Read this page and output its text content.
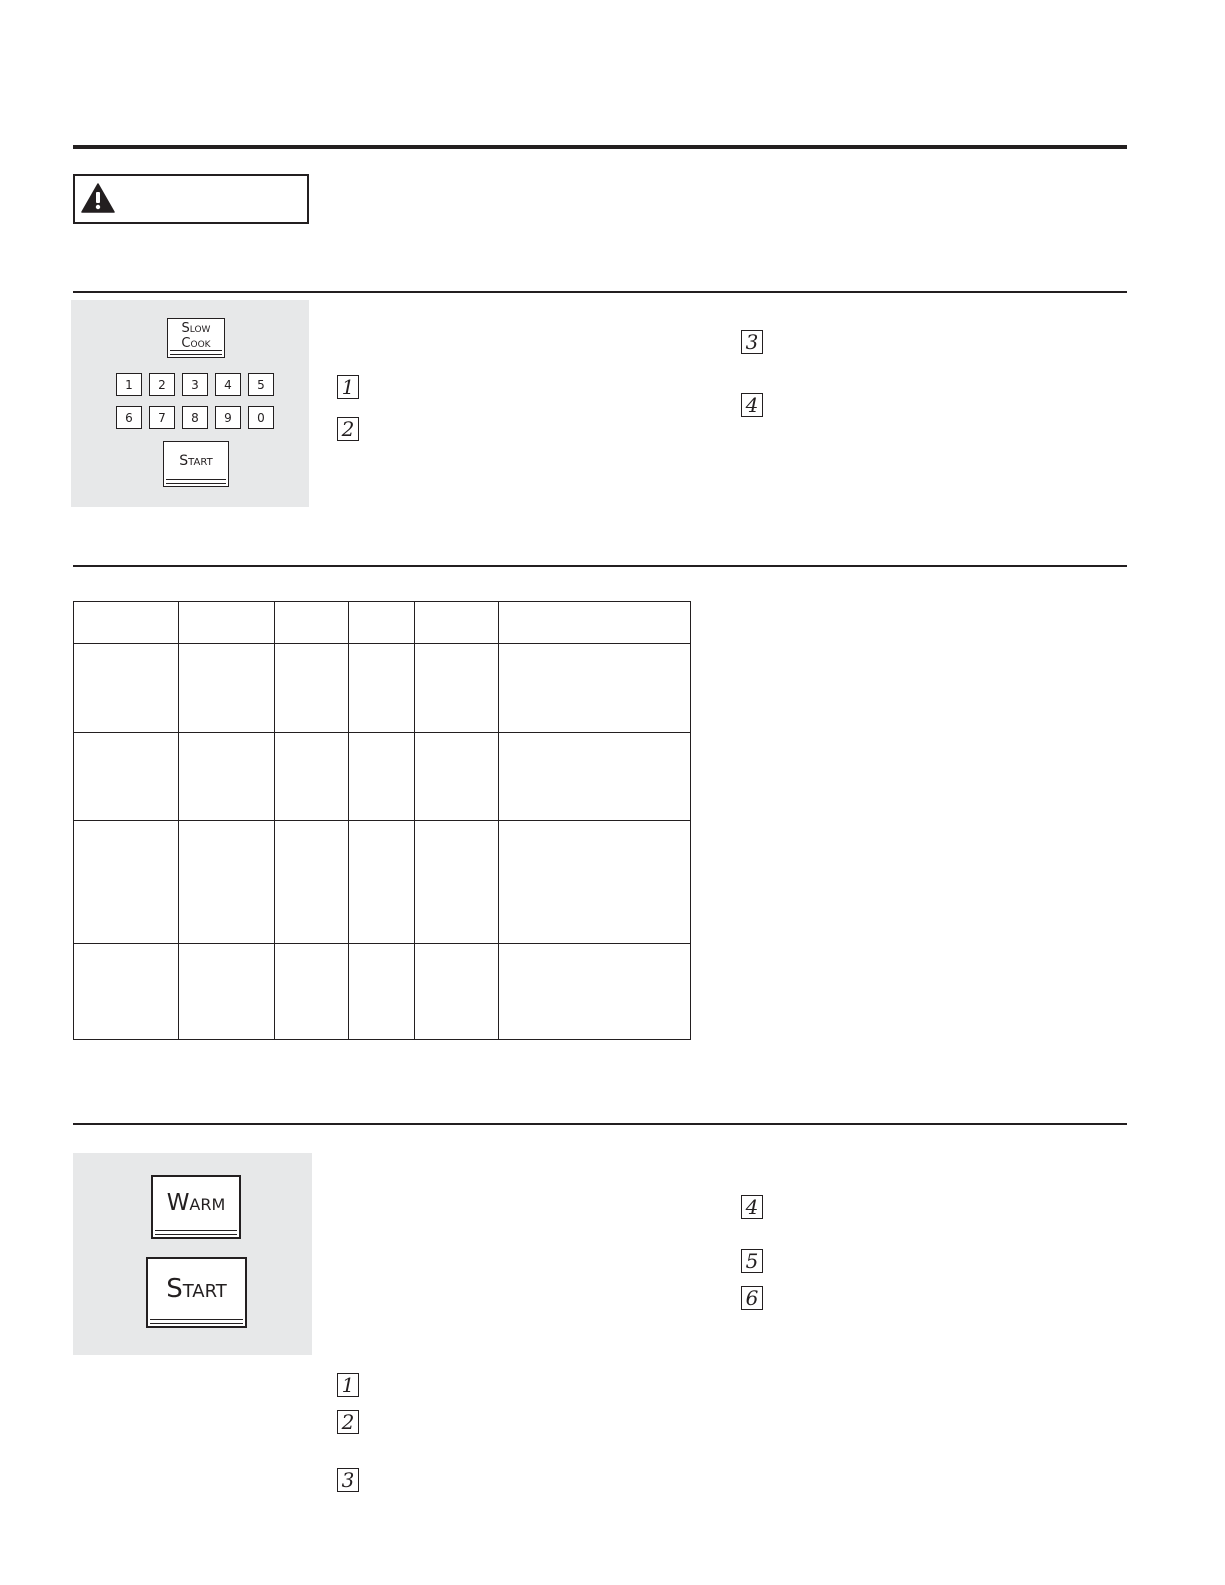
Slow
Cook
1	2	3	4	5
6	7	8	9	0
Start
1
2
3
4

Warm
Start
1
2
3
4
5
6
